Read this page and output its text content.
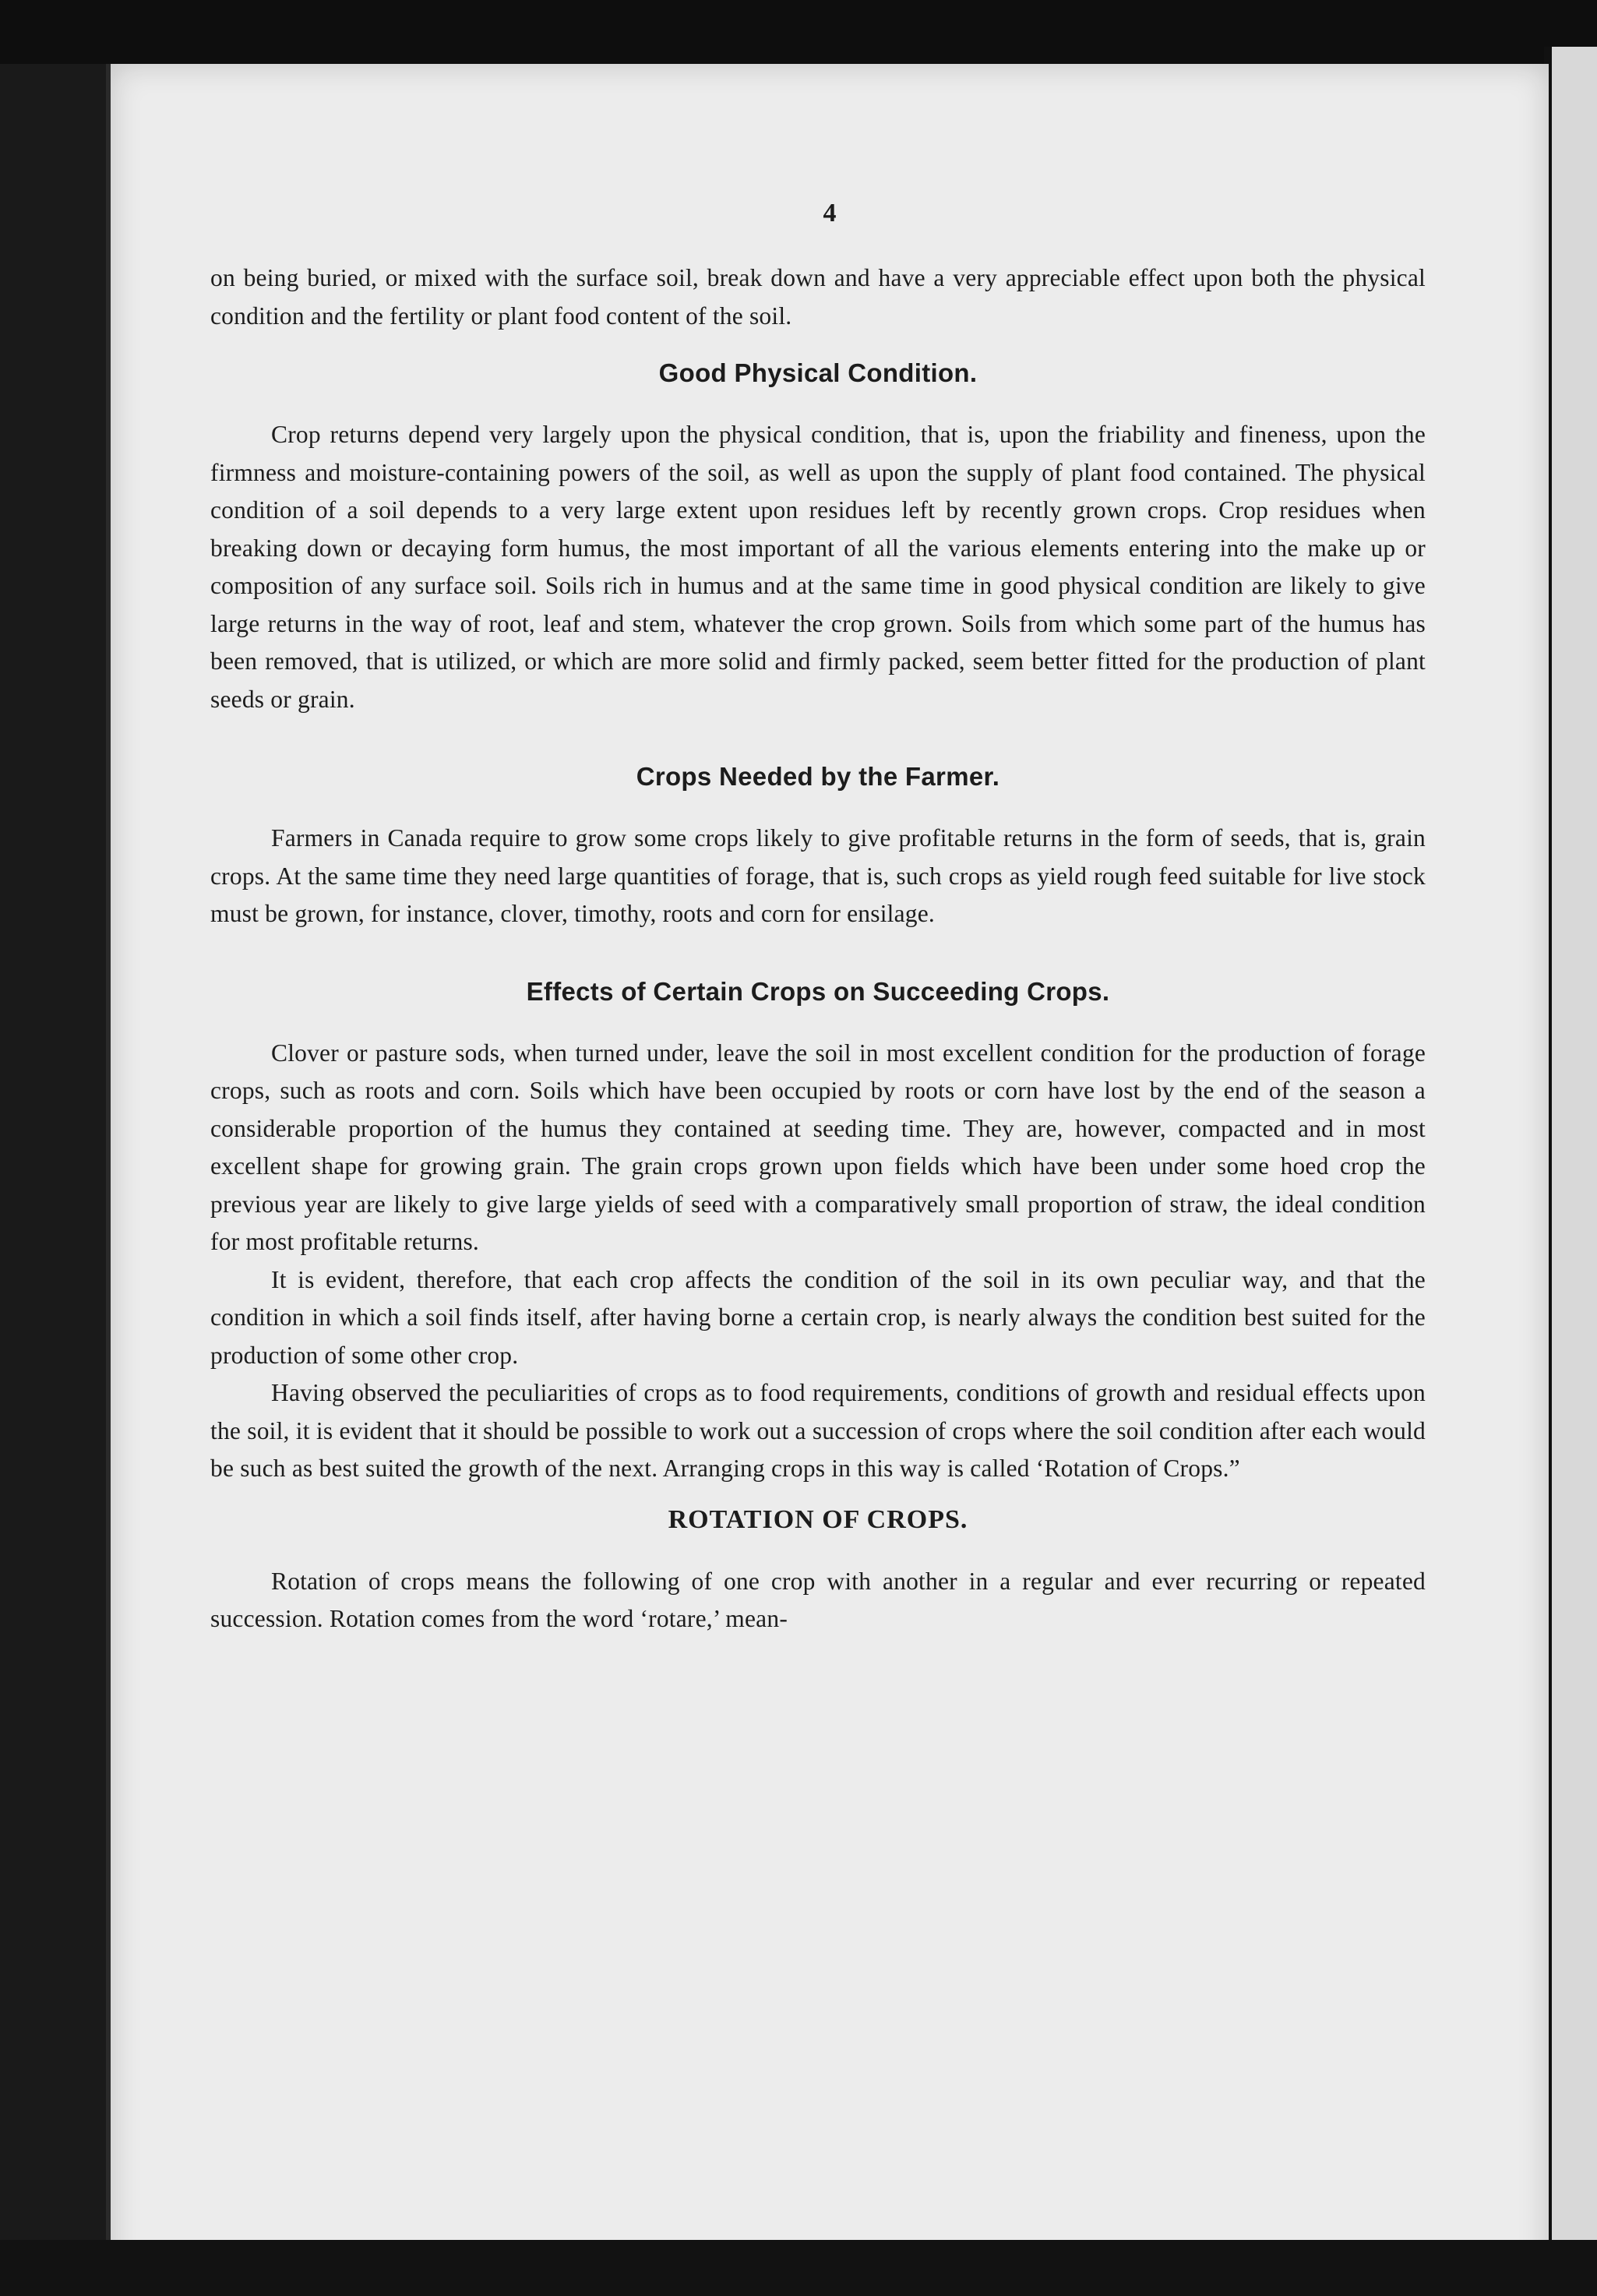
4

on being buried, or mixed with the surface soil, break down and have a very appreciable effect upon both the physical condition and the fertility or plant food content of the soil.

Good Physical Condition.

Crop returns depend very largely upon the physical condition, that is, upon the friability and fineness, upon the firmness and moisture-containing powers of the soil, as well as upon the supply of plant food contained. The physical condition of a soil depends to a very large extent upon residues left by recently grown crops. Crop residues when breaking down or decaying form humus, the most important of all the various elements entering into the make up or composition of any surface soil. Soils rich in humus and at the same time in good physical condition are likely to give large returns in the way of root, leaf and stem, whatever the crop grown. Soils from which some part of the humus has been removed, that is utilized, or which are more solid and firmly packed, seem better fitted for the production of plant seeds or grain.

Crops Needed by the Farmer.

Farmers in Canada require to grow some crops likely to give profitable returns in the form of seeds, that is, grain crops. At the same time they need large quantities of forage, that is, such crops as yield rough feed suitable for live stock must be grown, for instance, clover, timothy, roots and corn for ensilage.

Effects of Certain Crops on Succeeding Crops.

Clover or pasture sods, when turned under, leave the soil in most excellent condition for the production of forage crops, such as roots and corn. Soils which have been occupied by roots or corn have lost by the end of the season a considerable proportion of the humus they contained at seeding time. They are, however, compacted and in most excellent shape for growing grain. The grain crops grown upon fields which have been under some hoed crop the previous year are likely to give large yields of seed with a comparatively small proportion of straw, the ideal condition for most profitable returns.

It is evident, therefore, that each crop affects the condition of the soil in its own peculiar way, and that the condition in which a soil finds itself, after having borne a certain crop, is nearly always the condition best suited for the production of some other crop.

Having observed the peculiarities of crops as to food requirements, conditions of growth and residual effects upon the soil, it is evident that it should be possible to work out a succession of crops where the soil condition after each would be such as best suited the growth of the next. Arranging crops in this way is called ‘Rotation of Crops.”

ROTATION OF CROPS.

Rotation of crops means the following of one crop with another in a regular and ever recurring or repeated succession. Rotation comes from the word ‘rotare,’ mean-
